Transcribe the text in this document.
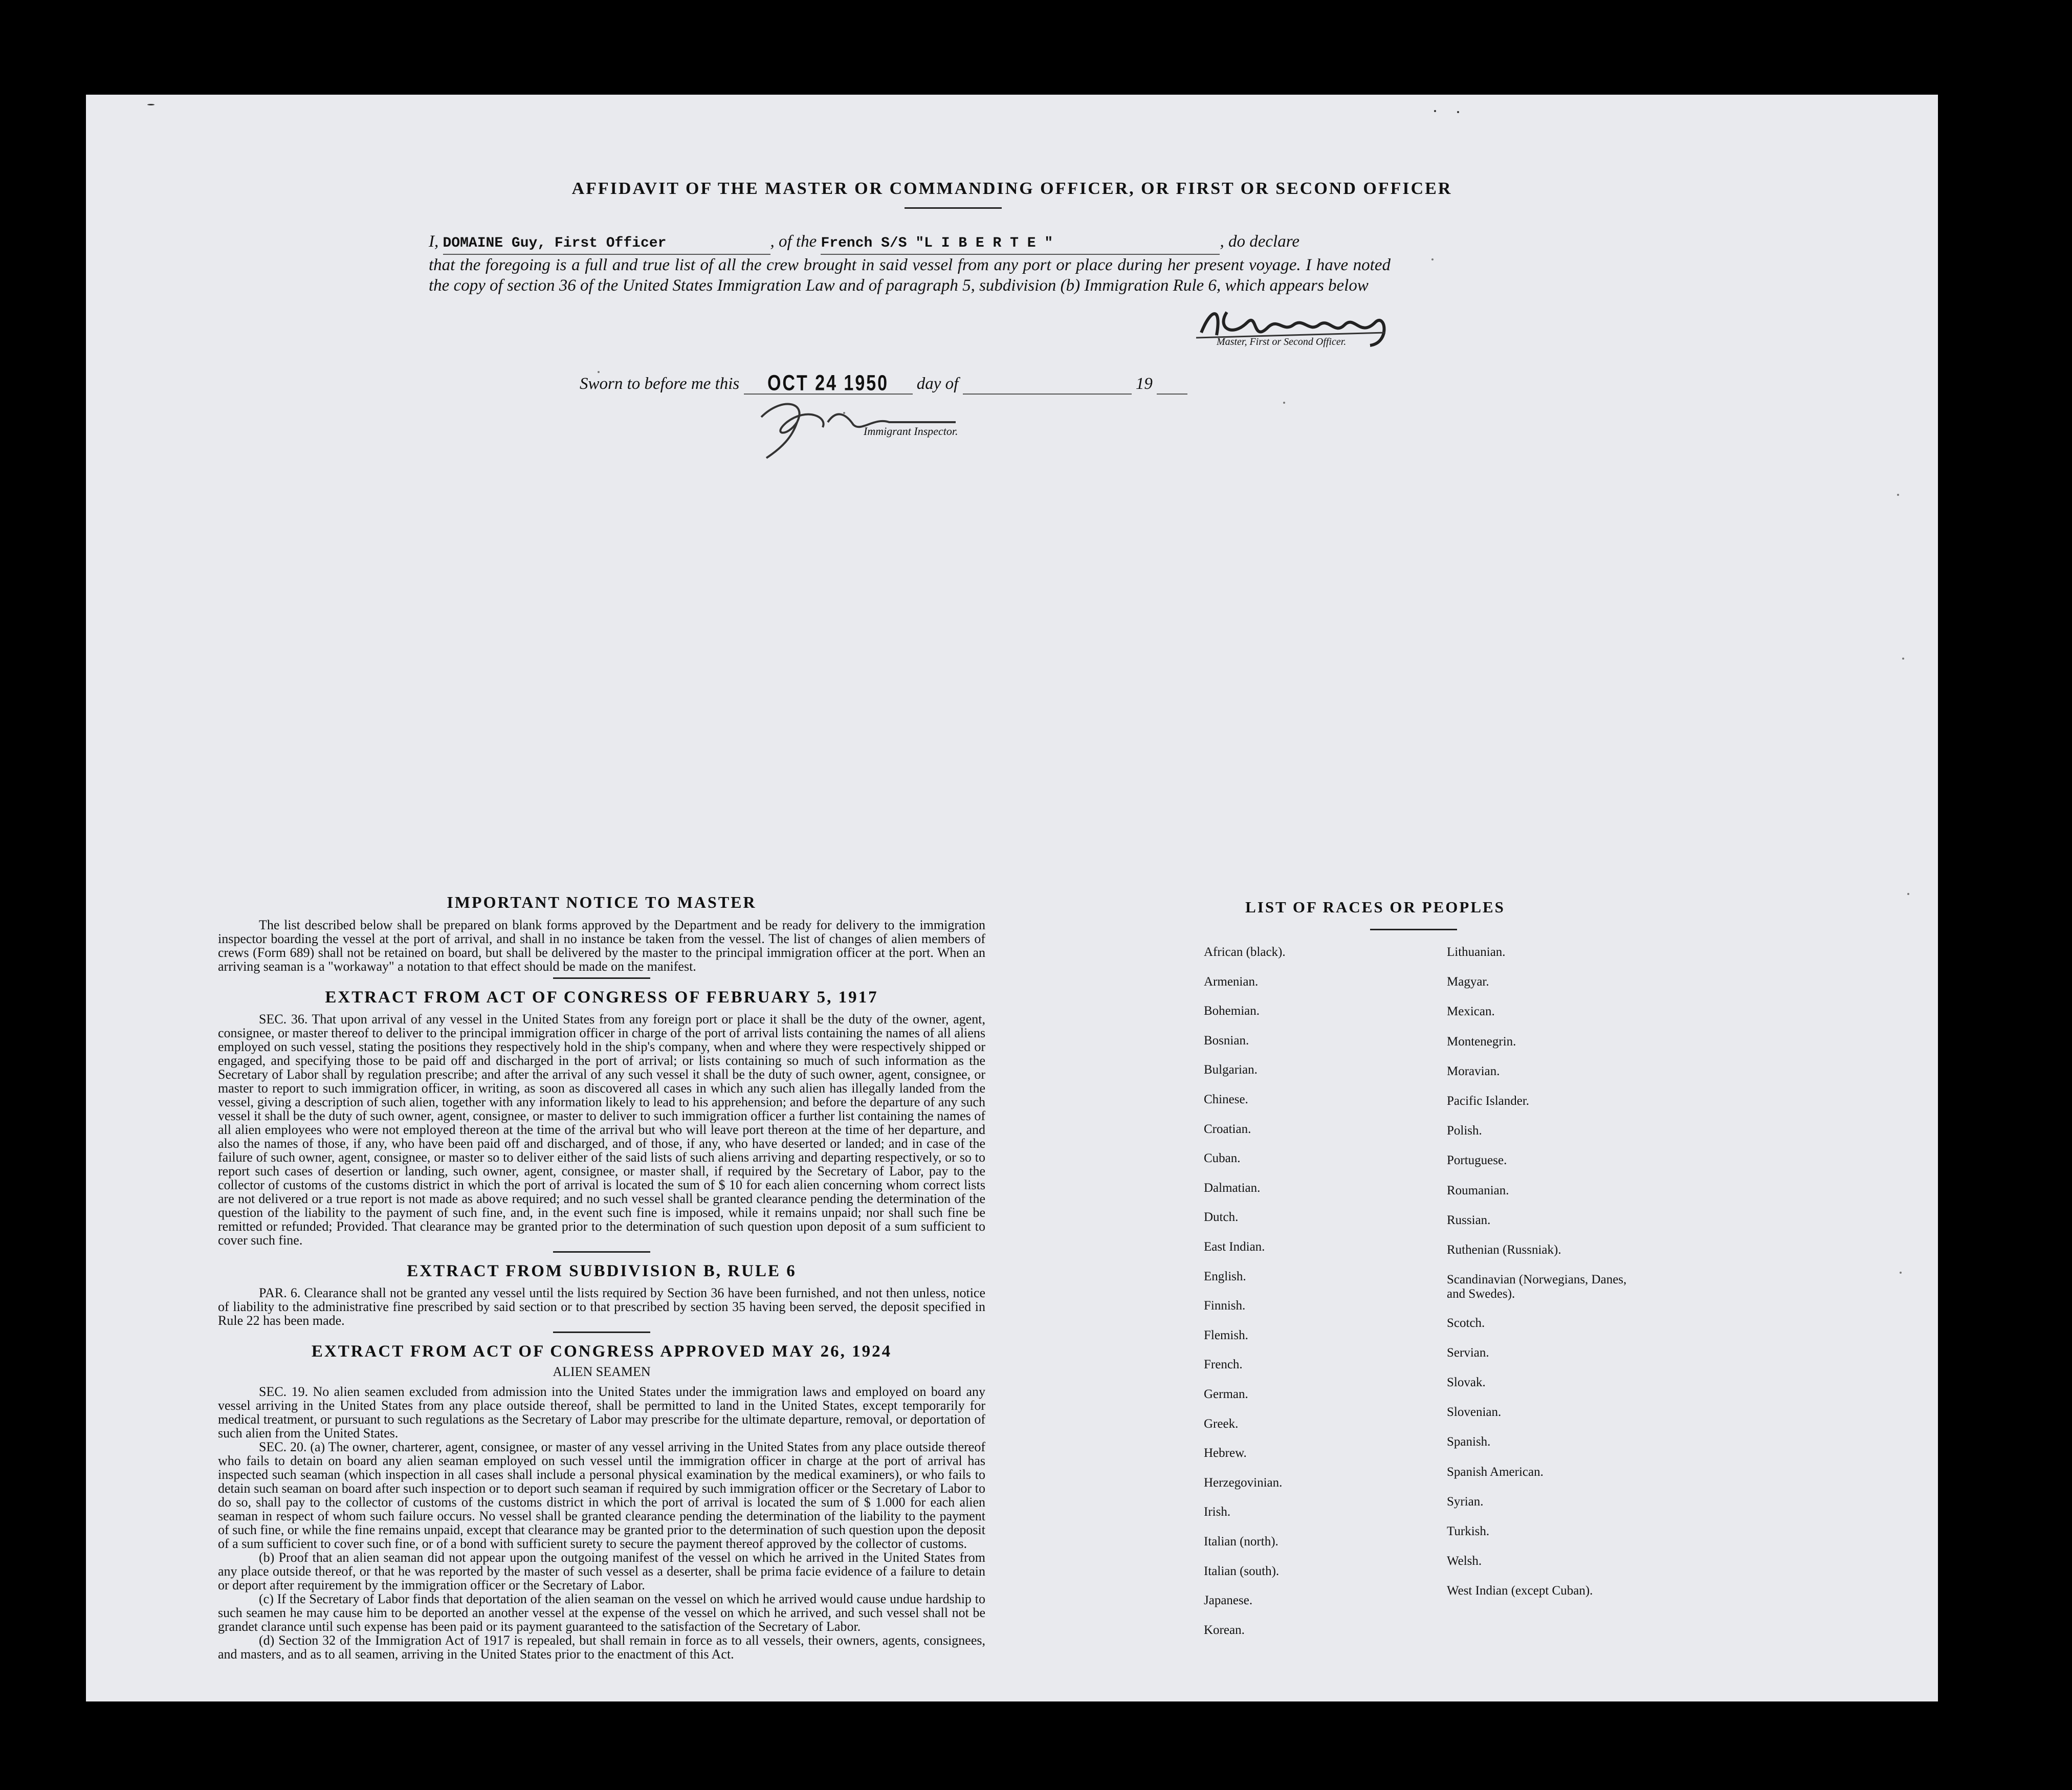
AFFIDAVIT OF THE MASTER OR COMMANDING OFFICER, OR FIRST OR SECOND OFFICER
I, DOMAINE Guy, First Officer	, of the French S/S "L I B E R T E "	, do declare
that the foregoing is a full and true list of all the crew brought in said vessel from any port or place during her present voyage. I have noted the copy of section 36 of the United States Immigration Law and of paragraph 5, subdivision (b) Immigration Rule 6, which appears below
Master, First or Second Officer.
Sworn to before me this OCT 24 1950 day of	19
Immigrant Inspector.
IMPORTANT NOTICE TO MASTER

The list described below shall be prepared on blank forms approved by the Department and be ready for delivery to the immigration inspector boarding the vessel at the port of arrival, and shall in no instance be taken from the vessel. The list of changes of alien members of crews (Form 689) shall not be retained on board, but shall be delivered by the master to the principal immigration officer at the port. When an arriving seaman is a "workaway" a notation to that effect should be made on the manifest.

EXTRACT FROM ACT OF CONGRESS OF FEBRUARY 5, 1917

SEC. 36. That upon arrival of any vessel in the United States from any foreign port or place it shall be the duty of the owner, agent, consignee, or master thereof to deliver to the principal immigration officer in charge of the port of arrival lists containing the names of all aliens employed on such vessel, stating the positions they respectively hold in the ship's company, when and where they were respectively shipped or engaged, and specifying those to be paid off and discharged in the port of arrival; or lists containing so much of such information as the Secretary of Labor shall by regulation prescribe; and after the arrival of any such vessel it shall be the duty of such owner, agent, consignee, or master to report to such immigration officer, in writing, as soon as discovered all cases in which any such alien has illegally landed from the vessel, giving a description of such alien, together with any information likely to lead to his apprehension; and before the departure of any such vessel it shall be the duty of such owner, agent, consignee, or master to deliver to such immigration officer a further list containing the names of all alien employees who were not employed thereon at the time of the arrival but who will leave port thereon at the time of her departure, and also the names of those, if any, who have been paid off and discharged, and of those, if any, who have deserted or landed; and in case of the failure of such owner, agent, consignee, or master so to deliver either of the said lists of such aliens arriving and departing respectively, or so to report such cases of desertion or landing, such owner, agent, consignee, or master shall, if required by the Secretary of Labor, pay to the collector of customs of the customs district in which the port of arrival is located the sum of $ 10 for each alien concerning whom correct lists are not delivered or a true report is not made as above required; and no such vessel shall be granted clearance pending the determination of the question of the liability to the payment of such fine, and, in the event such fine is imposed, while it remains unpaid; nor shall such fine be remitted or refunded; Provided. That clearance may be granted prior to the determination of such question upon deposit of a sum sufficient to cover such fine.

EXTRACT FROM SUBDIVISION B, RULE 6

PAR. 6. Clearance shall not be granted any vessel until the lists required by Section 36 have been furnished, and not then unless, notice of liability to the administrative fine prescribed by said section or to that prescribed by section 35 having been served, the deposit specified in Rule 22 has been made.

EXTRACT FROM ACT OF CONGRESS APPROVED MAY 26, 1924
ALIEN SEAMEN

SEC. 19. No alien seamen excluded from admission into the United States under the immigration laws and employed on board any vessel arriving in the United States from any place outside thereof, shall be permitted to land in the United States, except temporarily for medical treatment, or pursuant to such regulations as the Secretary of Labor may prescribe for the ultimate departure, removal, or deportation of such alien from the United States.

SEC. 20. (a) The owner, charterer, agent, consignee, or master of any vessel arriving in the United States from any place outside thereof who fails to detain on board any alien seaman employed on such vessel until the immigration officer in charge at the port of arrival has inspected such seaman (which inspection in all cases shall include a personal physical examination by the medical examiners), or who fails to detain such seaman on board after such inspection or to deport such seaman if required by such immigration officer or the Secretary of Labor to do so, shall pay to the collector of customs of the customs district in which the port of arrival is located the sum of $ 1.000 for each alien seaman in respect of whom such failure occurs. No vessel shall be granted clearance pending the determination of the liability to the payment of such fine, or while the fine remains unpaid, except that clearance may be granted prior to the determination of such question upon the deposit of a sum sufficient to cover such fine, or of a bond with sufficient surety to secure the payment thereof approved by the collector of customs.

(b) Proof that an alien seaman did not appear upon the outgoing manifest of the vessel on which he arrived in the United States from any place outside thereof, or that he was reported by the master of such vessel as a deserter, shall be prima facie evidence of a failure to detain or deport after requirement by the immigration officer or the Secretary of Labor.

(c) If the Secretary of Labor finds that deportation of the alien seaman on the vessel on which he arrived would cause undue hardship to such seamen he may cause him to be deported an another vessel at the expense of the vessel on which he arrived, and such vessel shall not be grandet clarance until such expense has been paid or its payment guaranteed to the satisfaction of the Secretary of Labor.

(d) Section 32 of the Immigration Act of 1917 is repealed, but shall remain in force as to all vessels, their owners, agents, consignees, and masters, and as to all seamen, arriving in the United States prior to the enactment of this Act.

LIST OF RACES OR PEOPLES
African (black).
Armenian.
Bohemian.
Bosnian.
Bulgarian.
Chinese.
Croatian.
Cuban.
Dalmatian.
Dutch.
East Indian.
English.
Finnish.
Flemish.
French.
German.
Greek.
Hebrew.
Herzegovinian.
Irish.
Italian (north).
Italian (south).
Japanese.
Korean.
Lithuanian.
Magyar.
Mexican.
Montenegrin.
Moravian.
Pacific Islander.
Polish.
Portuguese.
Roumanian.
Russian.
Ruthenian (Russniak).
Scandinavian (Norwegians, Danes, and Swedes).
Scotch.
Servian.
Slovak.
Slovenian.
Spanish.
Spanish American.
Syrian.
Turkish.
Welsh.
West Indian (except Cuban).
